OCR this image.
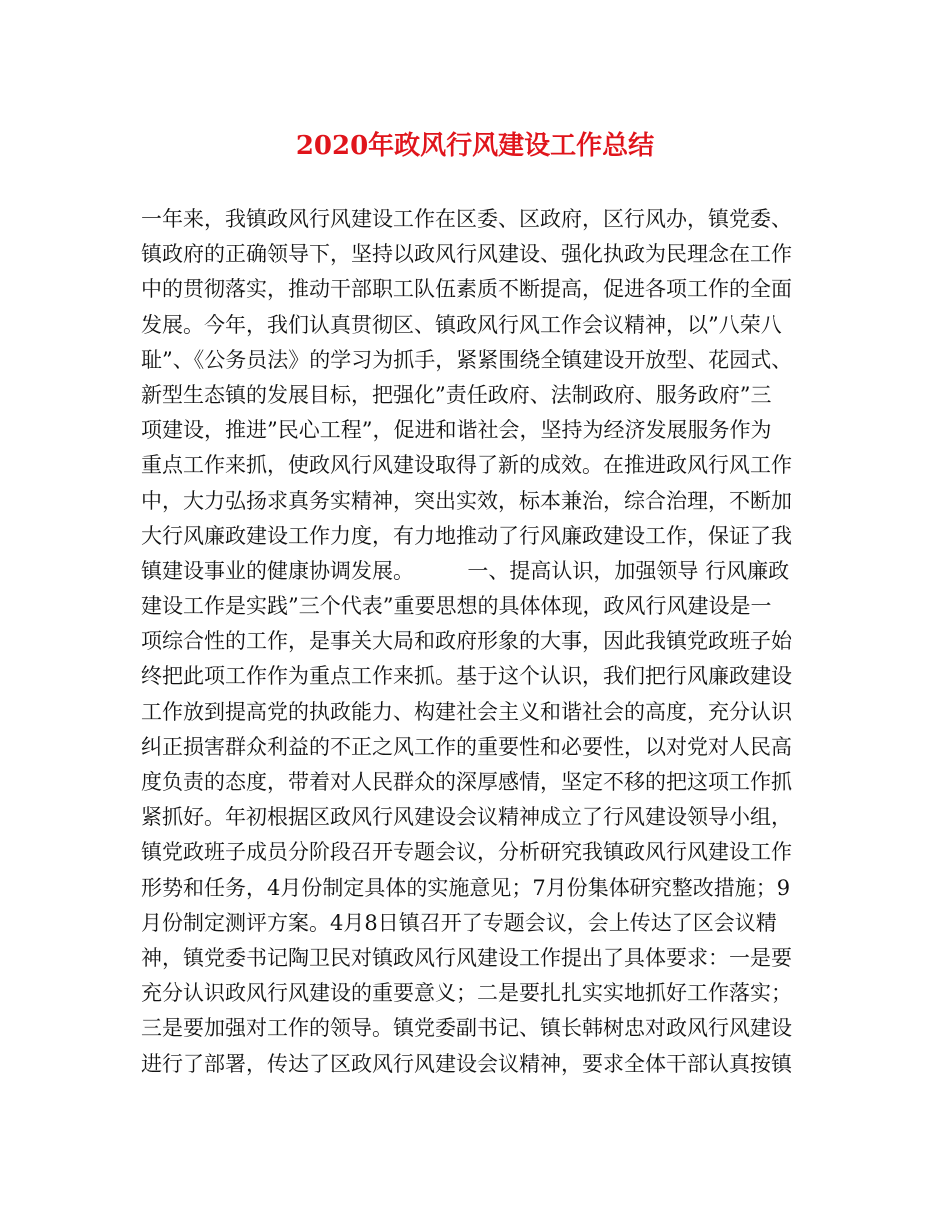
2020年政风行风建设工作总结
一年来，我镇政风行风建设工作在区委、区政府，区行风办，镇党委、
镇政府的正确领导下，坚持以政风行风建设、强化执政为民理念在工作
中的贯彻落实，推动干部职工队伍素质不断提高，促进各项工作的全面
发展。今年，我们认真贯彻区、镇政风行风工作会议精神，以”八荣八
耻”、《公务员法》的学习为抓手，紧紧围绕全镇建设开放型、花园式、
新型生态镇的发展目标，把强化”责任政府、法制政府、服务政府”三
项建设，推进”民心工程”，促进和谐社会，坚持为经济发展服务作为
重点工作来抓，使政风行风建设取得了新的成效。在推进政风行风工作
中，大力弘扬求真务实精神，突出实效，标本兼治，综合治理，不断加
大行风廉政建设工作力度，有力地推动了行风廉政建设工作，保证了我
镇建设事业的健康协调发展。        一、提高认识，加强领导 行风廉政
建设工作是实践”三个代表”重要思想的具体体现，政风行风建设是一
项综合性的工作，是事关大局和政府形象的大事，因此我镇党政班子始
终把此项工作作为重点工作来抓。基于这个认识，我们把行风廉政建设
工作放到提高党的执政能力、构建社会主义和谐社会的高度，充分认识
纠正损害群众利益的不正之风工作的重要性和必要性，以对党对人民高
度负责的态度，带着对人民群众的深厚感情，坚定不移的把这项工作抓
紧抓好。年初根据区政风行风建设会议精神成立了行风建设领导小组，
镇党政班子成员分阶段召开专题会议，分析研究我镇政风行风建设工作
形势和任务，4月份制定具体的实施意见；7月份集体研究整改措施；9
月份制定测评方案。4月8日镇召开了专题会议，会上传达了区会议精
神，镇党委书记陶卫民对镇政风行风建设工作提出了具体要求：一是要
充分认识政风行风建设的重要意义；二是要扎扎实实地抓好工作落实；
三是要加强对工作的领导。镇党委副书记、镇长韩树忠对政风行风建设
进行了部署，传达了区政风行风建设会议精神，要求全体干部认真按镇
